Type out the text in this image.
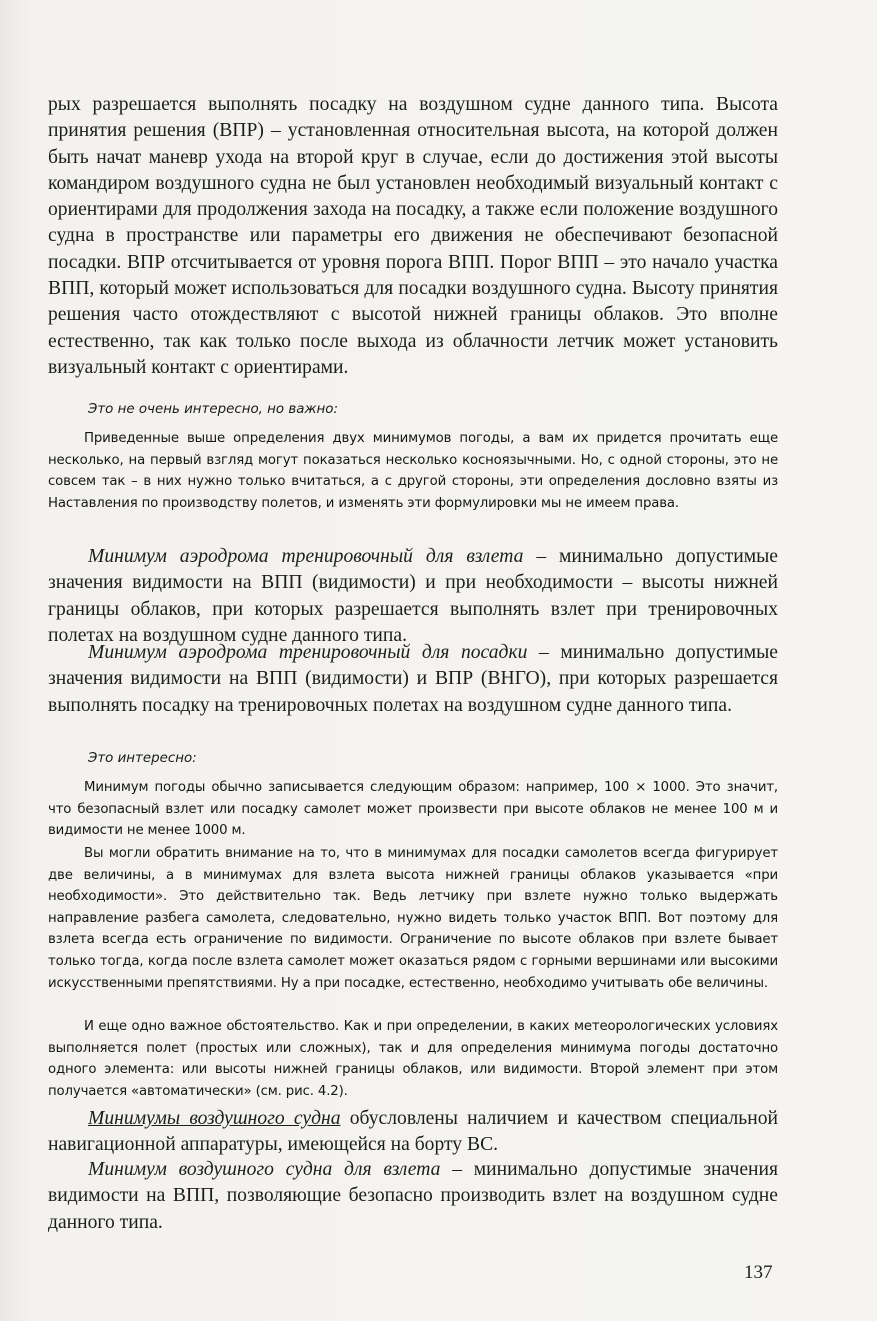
рых разрешается выполнять посадку на воздушном судне данного типа. Высота принятия решения (ВПР) – установленная относительная высота, на которой должен быть начат маневр ухода на второй круг в случае, если до достижения этой высоты командиром воздушного судна не был установлен необходимый визуальный контакт с ориентирами для продолжения захода на посадку, а также если положение воздушного судна в пространстве или параметры его движения не обеспечивают безопасной посадки. ВПР отсчитывается от уровня порога ВПП. Порог ВПП – это начало участка ВПП, который может использоваться для посадки воздушного судна. Высоту принятия решения часто отождествляют с высотой нижней границы облаков. Это вполне естественно, так как только после выхода из облачности летчик может установить визуальный контакт с ориентирами.

Это не очень интересно, но важно:

Приведенные выше определения двух минимумов погоды, а вам их придется прочитать еще несколько, на первый взгляд могут показаться несколько косноязычными. Но, с одной стороны, это не совсем так – в них нужно только вчитаться, а с другой стороны, эти определения дословно взяты из Наставления по производству полетов, и изменять эти формулировки мы не имеем права.

Минимум аэродрома тренировочный для взлета – минимально допустимые значения видимости на ВПП (видимости) и при необходимости – высоты нижней границы облаков, при которых разрешается выполнять взлет при тренировочных полетах на воздушном судне данного типа.

Минимум аэродрома тренировочный для посадки – минимально допустимые значения видимости на ВПП (видимости) и ВПР (ВНГО), при которых разрешается выполнять посадку на тренировочных полетах на воздушном судне данного типа.

Это интересно:

Минимум погоды обычно записывается следующим образом: например, 100 × 1000. Это значит, что безопасный взлет или посадку самолет может произвести при высоте облаков не менее 100 м и видимости не менее 1000 м.

Вы могли обратить внимание на то, что в минимумах для посадки самолетов всегда фигурирует две величины, а в минимумах для взлета высота нижней границы облаков указывается «при необходимости». Это действительно так. Ведь летчику при взлете нужно только выдержать направление разбега самолета, следовательно, нужно видеть только участок ВПП. Вот поэтому для взлета всегда есть ограничение по видимости. Ограничение по высоте облаков при взлете бывает только тогда, когда после взлета самолет может оказаться рядом с горными вершинами или высокими искусственными препятствиями. Ну а при посадке, естественно, необходимо учитывать обе величины.

И еще одно важное обстоятельство. Как и при определении, в каких метеорологических условиях выполняется полет (простых или сложных), так и для определения минимума погоды достаточно одного элемента: или высоты нижней границы облаков, или видимости. Второй элемент при этом получается «автоматически» (см. рис. 4.2).

Минимумы воздушного судна обусловлены наличием и качеством специальной навигационной аппаратуры, имеющейся на борту ВС.

Минимум воздушного судна для взлета – минимально допустимые значения видимости на ВПП, позволяющие безопасно производить взлет на воздушном судне данного типа.

137
